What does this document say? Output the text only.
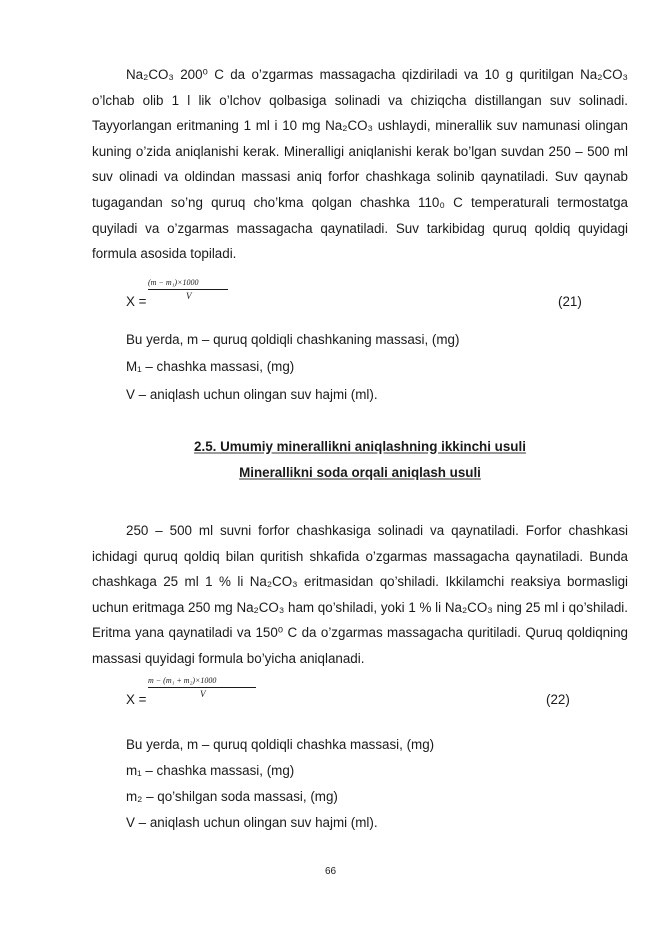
Na₂CO₃ 200⁰ C da o’zgarmas massagacha qizdiriladi va 10 g quritilgan Na₂CO₃ o’lchab olib 1 l lik o’lchov qolbasiga solinadi va chiziqcha distillangan suv solinadi. Tayyorlangan eritmaning 1 ml i 10 mg Na₂CO₃ ushlaydi, minerallik suv namunasi olingan kuning o’zida aniqlanishi kerak. Mineralligi aniqlanishi kerak bo’lgan suvdan 250 – 500 ml suv olinadi va oldindan massasi aniq forfor chashkaga solinib qaynatiladi. Suv qaynab tugagandan so’ng quruq cho’kma qolgan chashka 110₀ C temperaturali termostatga quyiladi va o’zgarmas massagacha qaynatiladi. Suv tarkibidag quruq qoldiq quyidagi formula asosida topiladi.

X =
(m − m₁)×1000
V	(21)

Bu yerda, m – quruq qoldiqli chashkaning massasi, (mg)

M₁ – chashka massasi, (mg)

V – aniqlash uchun olingan suv hajmi (ml).

2.5. Umumiy minerallikni aniqlashning ikkinchi usuli

Minerallikni soda orqali aniqlash usuli

250 – 500 ml suvni forfor chashkasiga solinadi va qaynatiladi. Forfor chashkasi ichidagi quruq qoldiq bilan quritish shkafida o’zgarmas massagacha qaynatiladi. Bunda chashkaga 25 ml 1 % li Na₂CO₃ eritmasidan qo’shiladi. Ikkilamchi reaksiya bormasligi uchun eritmaga 250 mg Na₂CO₃ ham qo’shiladi, yoki 1 % li Na₂CO₃ ning 25 ml i qo’shiladi. Eritma yana qaynatiladi va 150⁰ C da o’zgarmas massagacha quritiladi. Quruq qoldiqning massasi quyidagi formula bo’yicha aniqlanadi.

X =
m − (m₁ + m₂)×1000
V	(22)

Bu yerda, m – quruq qoldiqli chashka massasi, (mg)

m₁ – chashka massasi, (mg)

m₂ – qo’shilgan soda massasi, (mg)

V – aniqlash uchun olingan suv hajmi (ml).

66
